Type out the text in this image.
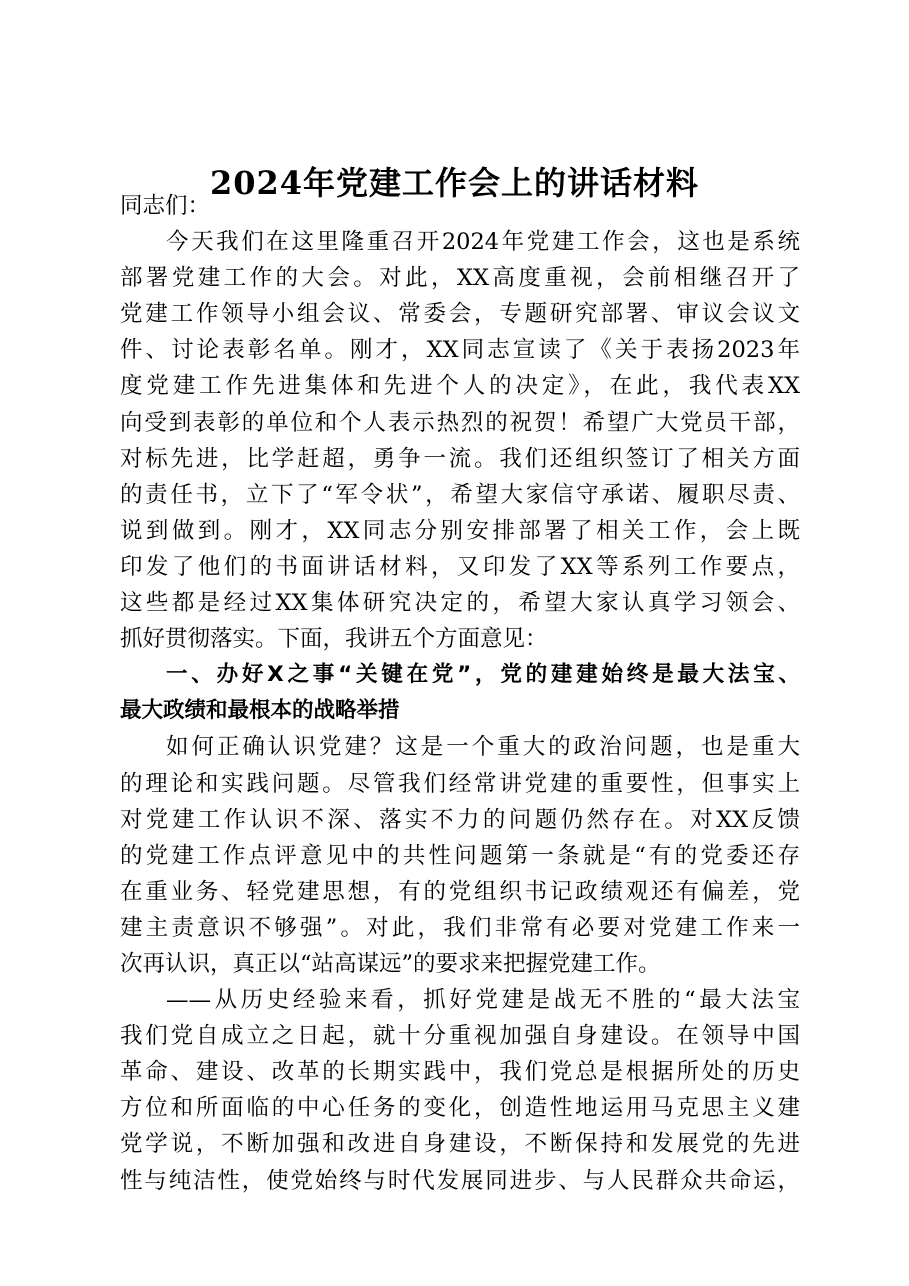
2024年党建工作会上的讲话材料
同志们：
今天我们在这里隆重召开2024年党建工作会，这也是系统
部署党建工作的大会。对此，XX高度重视，会前相继召开了
党建工作领导小组会议、常委会，专题研究部署、审议会议文
件、讨论表彰名单。刚才，XX同志宣读了《关于表扬2023年
度党建工作先进集体和先进个人的决定》，在此，我代表XX
向受到表彰的单位和个人表示热烈的祝贺！希望广大党员干部，
对标先进，比学赶超，勇争一流。我们还组织签订了相关方面
的责任书，立下了“军令状”，希望大家信守承诺、履职尽责、
说到做到。刚才，XX同志分别安排部署了相关工作，会上既
印发了他们的书面讲话材料，又印发了XX等系列工作要点，
这些都是经过XX集体研究决定的，希望大家认真学习领会、
抓好贯彻落实。下面，我讲五个方面意见：
一、办好X之事“关键在党”，党的建建始终是最大法宝、
最大政绩和最根本的战略举措
如何正确认识党建？这是一个重大的政治问题，也是重大
的理论和实践问题。尽管我们经常讲党建的重要性，但事实上
对党建工作认识不深、落实不力的问题仍然存在。对XX反馈
的党建工作点评意见中的共性问题第一条就是“有的党委还存
在重业务、轻党建思想，有的党组织书记政绩观还有偏差，党
建主责意识不够强”。对此，我们非常有必要对党建工作来一
次再认识，真正以“站高谋远”的要求来把握党建工作。
——从历史经验来看，抓好党建是战无不胜的“最大法宝
我们党自成立之日起，就十分重视加强自身建设。在领导中国
革命、建设、改革的长期实践中，我们党总是根据所处的历史
方位和所面临的中心任务的变化，创造性地运用马克思主义建
党学说，不断加强和改进自身建设，不断保持和发展党的先进
性与纯洁性，使党始终与时代发展同进步、与人民群众共命运，
